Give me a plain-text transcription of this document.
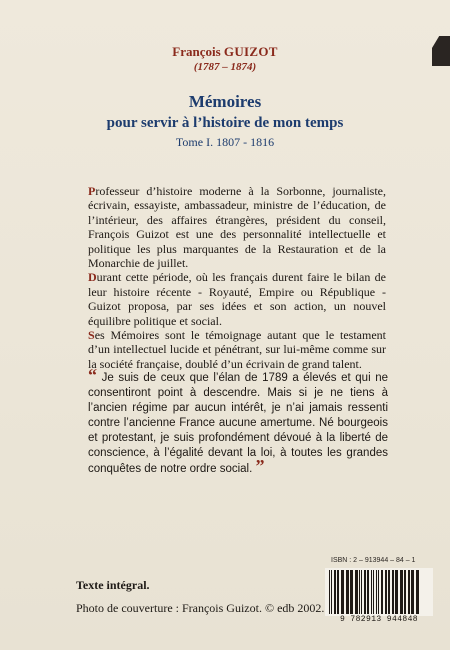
François GUIZOT
(1787 – 1874)
Mémoires
pour servir à l’histoire de mon temps
Tome I. 1807 - 1816

Professeur d’histoire moderne à la Sorbonne, journaliste, écrivain, essayiste, ambassadeur, ministre de l’éducation, de l’intérieur, des affaires étrangères, président du conseil, François Guizot est une des personnalité intellectuelle et politique les plus marquantes de la Restauration et de la Monarchie de juillet.

Durant cette période, où les français durent faire le bilan de leur histoire récente - Royauté, Empire ou République - Guizot proposa, par ses idées et son action, un nouvel équilibre politique et social.

Ses Mémoires sont le témoignage autant que le testament d’un intellectuel lucide et pénétrant, sur lui-même comme sur la société française, doublé d’un écrivain de grand talent.

“ Je suis de ceux que l’élan de 1789 a élevés et qui ne consentiront point à descendre. Mais si je ne tiens à l’ancien régime par aucun intérêt, je n’ai jamais ressenti contre l’ancienne France aucune amertume. Né bourgeois et protestant, je suis profondément dévoué à la liberté de conscience, à l’égalité devant la loi, à toutes les grandes conquêtes de notre ordre social. ”
ISBN : 2 – 913944 – 84 – 1
Texte intégral.
Photo de couverture : François Guizot. © edb 2002.
9 782913 944848
